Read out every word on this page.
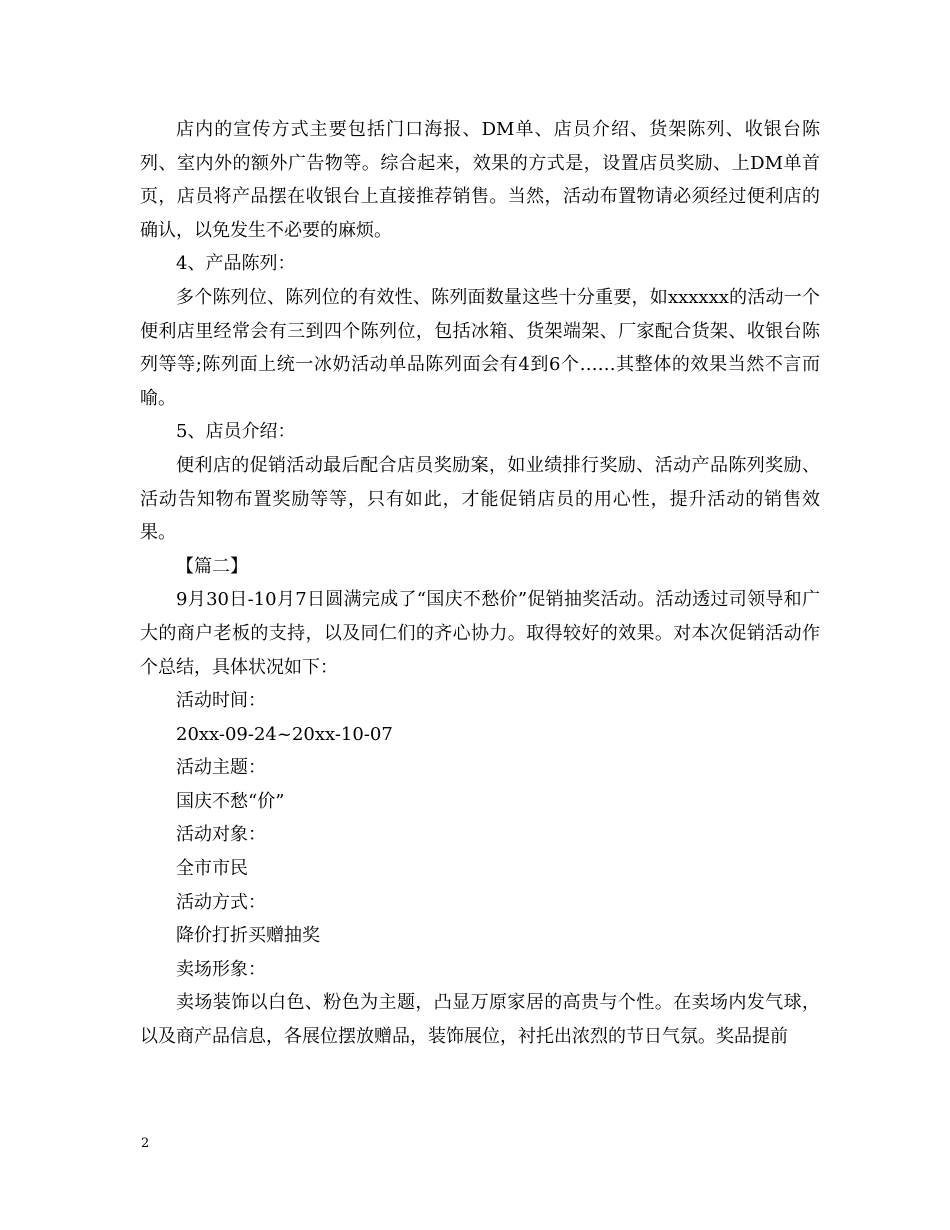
店内的宣传方式主要包括门口海报、DM单、店员介绍、货架陈列、收银台陈列、室内外的额外广告物等。综合起来，效果的方式是，设置店员奖励、上DM单首页，店员将产品摆在收银台上直接推荐销售。当然，活动布置物请必须经过便利店的确认，以免发生不必要的麻烦。

4、产品陈列：

多个陈列位、陈列位的有效性、陈列面数量这些十分重要，如xxxxxx的活动一个便利店里经常会有三到四个陈列位，包括冰箱、货架端架、厂家配合货架、收银台陈列等等;陈列面上统一冰奶活动单品陈列面会有4到6个……其整体的效果当然不言而喻。

5、店员介绍：

便利店的促销活动最后配合店员奖励案，如业绩排行奖励、活动产品陈列奖励、活动告知物布置奖励等等，只有如此，才能促销店员的用心性，提升活动的销售效果。

【篇二】

9月30日-10月7日圆满完成了“国庆不愁价”促销抽奖活动。活动透过司领导和广大的商户老板的支持，以及同仁们的齐心协力。取得较好的效果。对本次促销活动作个总结，具体状况如下：

活动时间：

20xx-09-24~20xx-10-07

活动主题：

国庆不愁“价”

活动对象：

全市市民

活动方式：

降价打折买赠抽奖

卖场形象：

卖场装饰以白色、粉色为主题，凸显万原家居的高贵与个性。在卖场内发气球，以及商产品信息，各展位摆放赠品，装饰展位，衬托出浓烈的节日气氛。奖品提前

2
